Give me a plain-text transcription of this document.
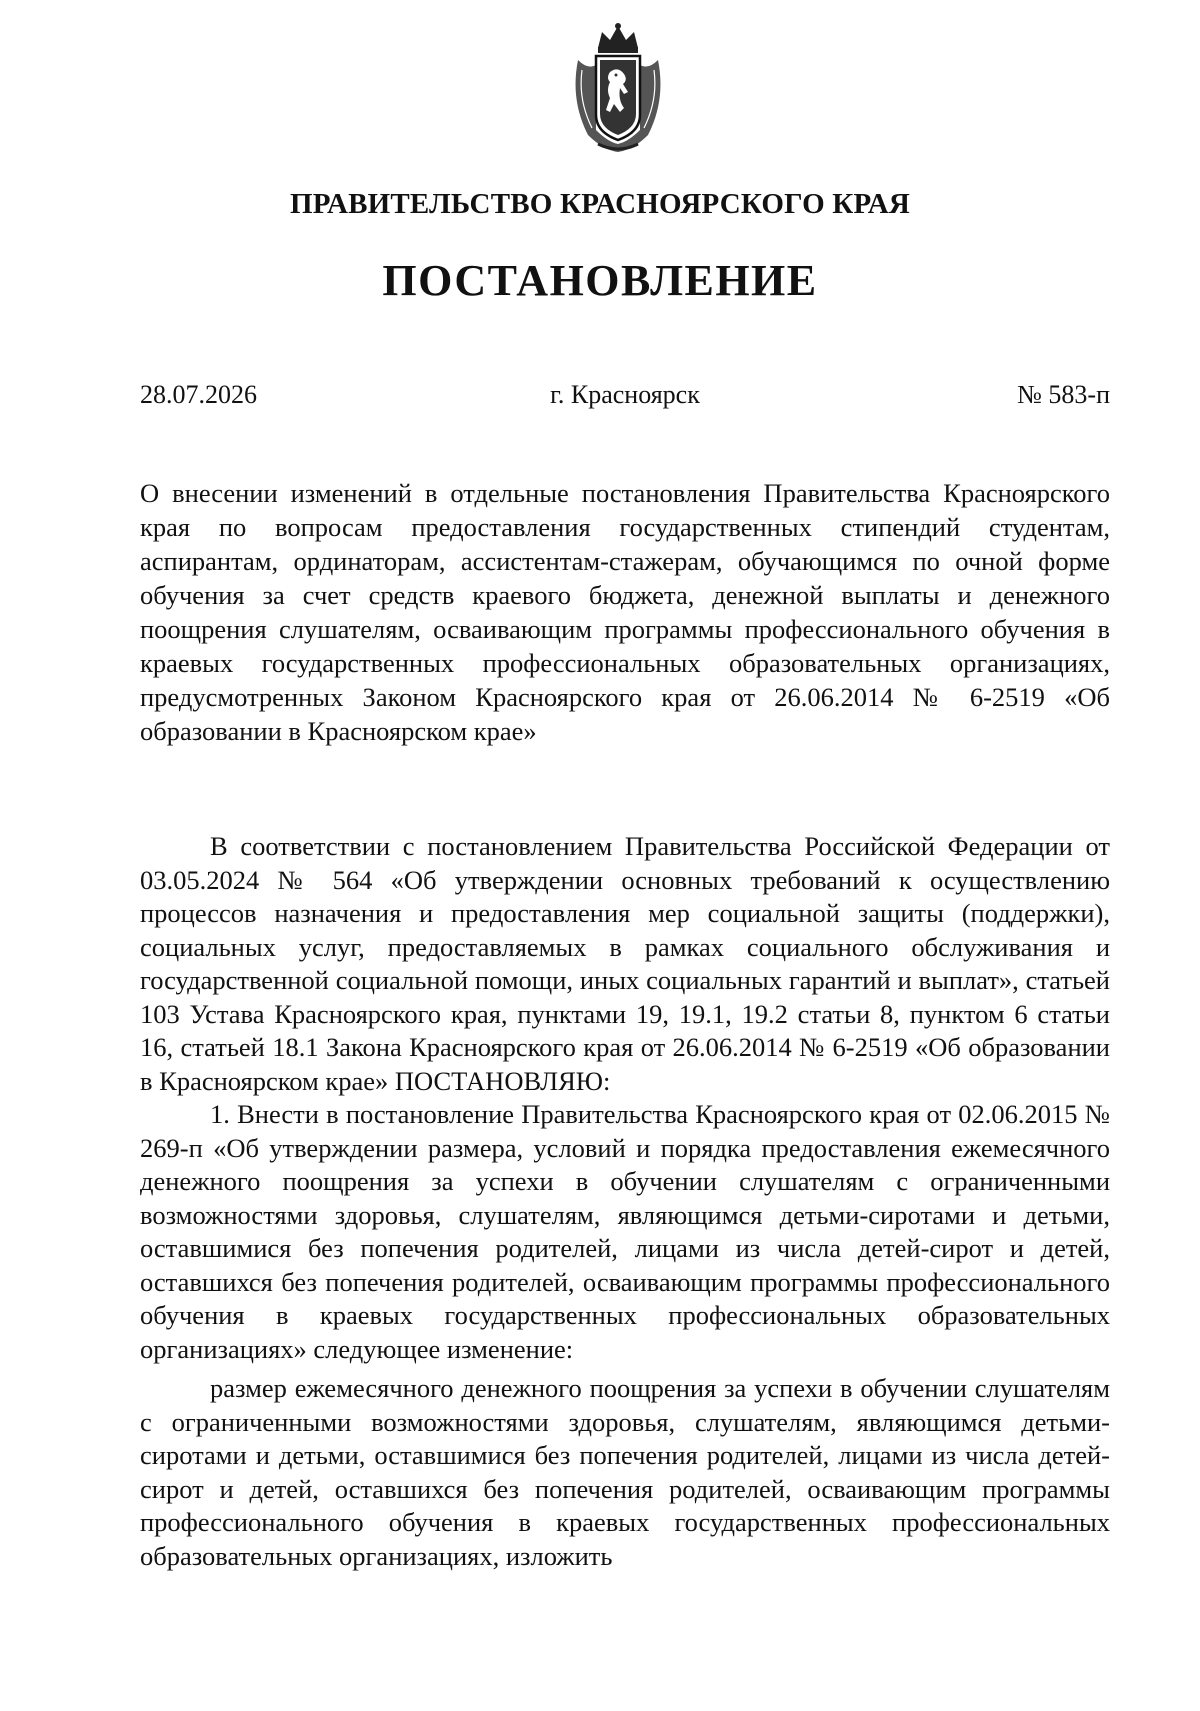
ПРАВИТЕЛЬСТВО КРАСНОЯРСКОГО КРАЯ
ПОСТАНОВЛЕНИЕ
28.07.2026	г. Красноярск	№ 583-п
О внесении изменений в отдельные постановления Правительства Красноярского края по вопросам предоставления государственных стипендий студентам, аспирантам, ординаторам, ассистентам-стажерам, обучающимся по очной форме обучения за счет средств краевого бюджета, денежной выплаты и денежного поощрения слушателям, осваивающим программы профессионального обучения в краевых государственных профессиональных образовательных организациях, предусмотренных Законом Красноярского края от 26.06.2014 № 6-2519 «Об образовании в Красноярском крае»

В соответствии с постановлением Правительства Российской Федерации от 03.05.2024 № 564 «Об утверждении основных требований к осуществлению процессов назначения и предоставления мер социальной защиты (поддержки), социальных услуг, предоставляемых в рамках социального обслуживания и государственной социальной помощи, иных социальных гарантий и выплат», статьей 103 Устава Красноярского края, пунктами 19, 19.1, 19.2 статьи 8, пунктом 6 статьи 16, статьей 18.1 Закона Красноярского края от 26.06.2014 № 6-2519 «Об образовании в Красноярском крае» ПОСТАНОВЛЯЮ:

1. Внести в постановление Правительства Красноярского края от 02.06.2015 № 269-п «Об утверждении размера, условий и порядка предоставления ежемесячного денежного поощрения за успехи в обучении слушателям с ограниченными возможностями здоровья, слушателям, являющимся детьми-сиротами и детьми, оставшимися без попечения родителей, лицами из числа детей-сирот и детей, оставшихся без попечения родителей, осваивающим программы профессионального обучения в краевых государственных профессиональных образовательных организациях» следующее изменение:

размер ежемесячного денежного поощрения за успехи в обучении слушателям с ограниченными возможностями здоровья, слушателям, являющимся детьми-сиротами и детьми, оставшимися без попечения родителей, лицами из числа детей-сирот и детей, оставшихся без попечения родителей, осваивающим программы профессионального обучения в краевых государственных профессиональных образовательных организациях, изложить
